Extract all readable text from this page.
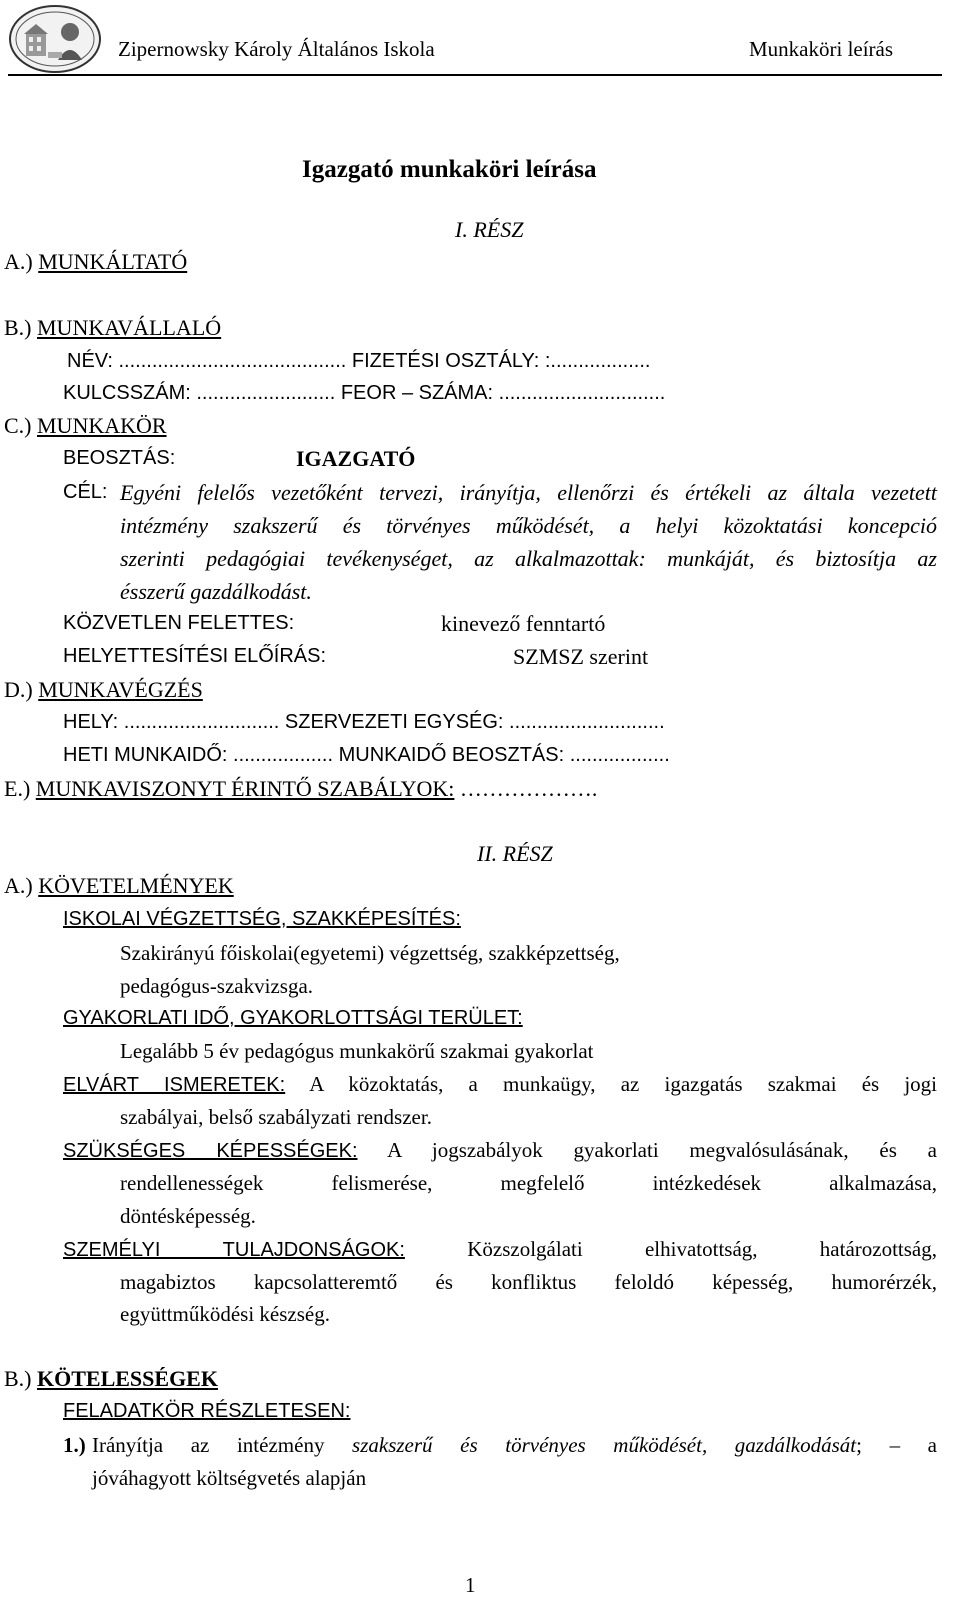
Zipernowsky Károly Általános Iskola	Munkaköri leírás
Igazgató munkaköri leírása
I. RÉSZ
A.) MUNKÁLTATÓ
B.) MUNKAVÁLLALÓ
NÉV: ......................................... FIZETÉSI OSZTÁLY: :..................
KULCSSZÁM: ......................... FEOR – SZÁMA: ..............................
C.) MUNKAKÖR
BEOSZTÁS:	IGAZGATÓ
CÉL: Egyéni felelős vezetőként tervezi, irányítja, ellenőrzi és értékeli az általa vezetett
intézmény szakszerű és törvényes működését, a helyi közoktatási koncepció
szerinti pedagógiai tevékenységet, az alkalmazottak: munkáját, és biztosítja az
ésszerű gazdálkodást.
KÖZVETLEN FELETTES:	kinevező fenntartó
HELYETTESÍTÉSI ELŐÍRÁS:	SZMSZ szerint
D.) MUNKAVÉGZÉS
HELY: ............................ SZERVEZETI EGYSÉG: ............................
HETI MUNKAIDŐ: .................. MUNKAIDŐ BEOSZTÁS: ..................
E.) MUNKAVISZONYT ÉRINTŐ SZABÁLYOK: ……………….
II. RÉSZ
A.) KÖVETELMÉNYEK
ISKOLAI VÉGZETTSÉG, SZAKKÉPESÍTÉS:
Szakirányú főiskolai(egyetemi) végzettség, szakképzettség,
pedagógus-szakvizsga.
GYAKORLATI IDŐ, GYAKORLOTTSÁGI TERÜLET:
Legalább 5 év pedagógus munkakörű szakmai gyakorlat
ELVÁRT ISMERETEK: A közoktatás, a munkaügy, az igazgatás szakmai és jogi
szabályai, belső szabályzati rendszer.
SZÜKSÉGES KÉPESSÉGEK: A jogszabályok gyakorlati megvalósulásának, és a
rendellenességek felismerése, megfelelő intézkedések alkalmazása,
döntésképesség.
SZEMÉLYI TULAJDONSÁGOK:	Közszolgálati elhivatottság, határozottság,
magabiztos kapcsolatteremtő és konfliktus feloldó képesség, humorérzék,
együttműködési készség.
B.) KÖTELESSÉGEK
FELADATKÖR RÉSZLETESEN:
1.) Irányítja az intézmény szakszerű és törvényes működését, gazdálkodását; – a
jóváhagyott költségvetés alapján
1
